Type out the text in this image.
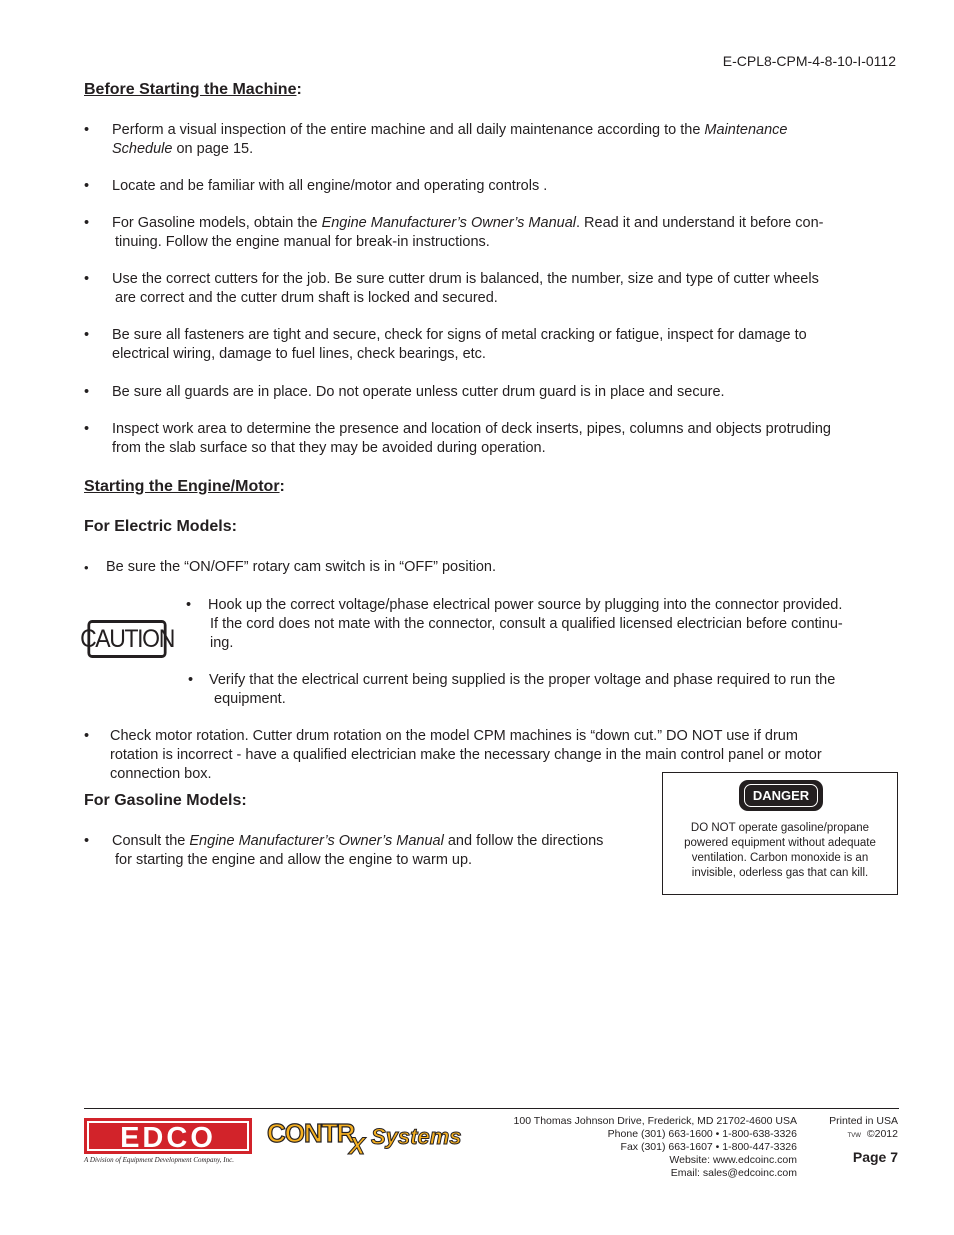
E-CPL8-CPM-4-8-10-I-0112
Before Starting the Machine:
• Perform a visual inspection of the entire machine and all daily maintenance according to the Maintenance
Schedule on page 15.
• Locate and be familiar with all engine/motor and operating controls .
• For Gasoline models, obtain the Engine Manufacturer’s Owner’s Manual. Read it and understand it before con-
tinuing. Follow the engine manual for break-in instructions.
• Use the correct cutters for the job. Be sure cutter drum is balanced, the number, size and type of cutter wheels
are correct and the cutter drum shaft is locked and secured.
• Be sure all fasteners are tight and secure, check for signs of metal cracking or fatigue, inspect for damage to
electrical wiring, damage to fuel lines, check bearings, etc.
• Be sure all guards are in place. Do not operate unless cutter drum guard is in place and secure.
• Inspect work area to determine the presence and location of deck inserts, pipes, columns and objects protruding
from the slab surface so that they may be avoided during operation.
Starting the Engine/Motor:
For Electric Models:
• Be sure the “ON/OFF” rotary cam switch is in “OFF” position.
CAUTION
• Hook up the correct voltage/phase electrical power source by plugging into the connector provided.
If the cord does not mate with the connector, consult a qualified licensed electrician before continu-
ing.
• Verify that the electrical current being supplied is the proper voltage and phase required to run the
equipment.
• Check motor rotation. Cutter drum rotation on the model CPM machines is “down cut.” DO NOT use if drum
rotation is incorrect - have a qualified electrician make the necessary change in the main control panel or motor
connection box.
For Gasoline Models:
• Consult the Engine Manufacturer’s Owner’s Manual and follow the directions
for starting the engine and allow the engine to warm up.
DANGER
DO NOT operate gasoline/propane
powered equipment without adequate
ventilation. Carbon monoxide is an
invisible, oderless gas that can kill.
EDCO
A Division of Equipment Development Company, Inc.
CONTR
X Systems
100 Thomas Johnson Drive, Frederick, MD 21702-4600 USA
Phone (301) 663-1600 • 1-800-638-3326
Fax (301) 663-1607 • 1-800-447-3326
Website: www.edcoinc.com
Email: sales@edcoinc.com
Printed in USA
TVW ©2012
Page 7
